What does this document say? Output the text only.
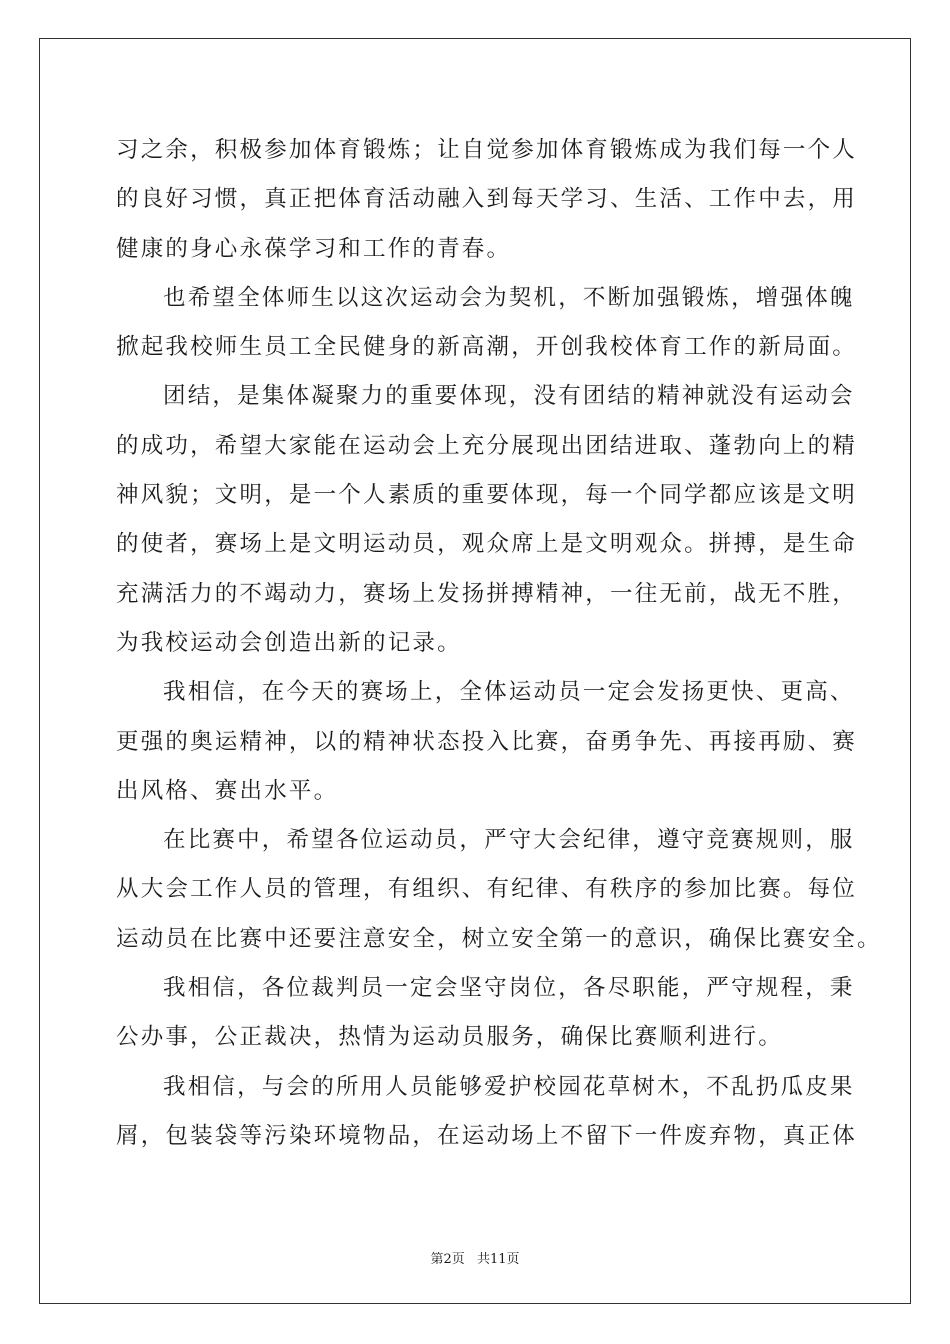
习之余，积极参加体育锻炼；让自觉参加体育锻炼成为我们每一个人
的良好习惯，真正把体育活动融入到每天学习、生活、工作中去，用
健康的身心永葆学习和工作的青春。
也希望全体师生以这次运动会为契机，不断加强锻炼，增强体魄
掀起我校师生员工全民健身的新高潮，开创我校体育工作的新局面。
团结，是集体凝聚力的重要体现，没有团结的精神就没有运动会
的成功，希望大家能在运动会上充分展现出团结进取、蓬勃向上的精
神风貌；文明，是一个人素质的重要体现，每一个同学都应该是文明
的使者，赛场上是文明运动员，观众席上是文明观众。拼搏，是生命
充满活力的不竭动力，赛场上发扬拼搏精神，一往无前，战无不胜，
为我校运动会创造出新的记录。
我相信，在今天的赛场上，全体运动员一定会发扬更快、更高、
更强的奥运精神，以的精神状态投入比赛，奋勇争先、再接再励、赛
出风格、赛出水平。
在比赛中，希望各位运动员，严守大会纪律，遵守竞赛规则，服
从大会工作人员的管理，有组织、有纪律、有秩序的参加比赛。每位
运动员在比赛中还要注意安全，树立安全第一的意识，确保比赛安全。
我相信，各位裁判员一定会坚守岗位，各尽职能，严守规程，秉
公办事，公正裁决，热情为运动员服务，确保比赛顺利进行。
我相信，与会的所用人员能够爱护校园花草树木，不乱扔瓜皮果
屑，包装袋等污染环境物品，在运动场上不留下一件废弃物，真正体
第2页 共11页
